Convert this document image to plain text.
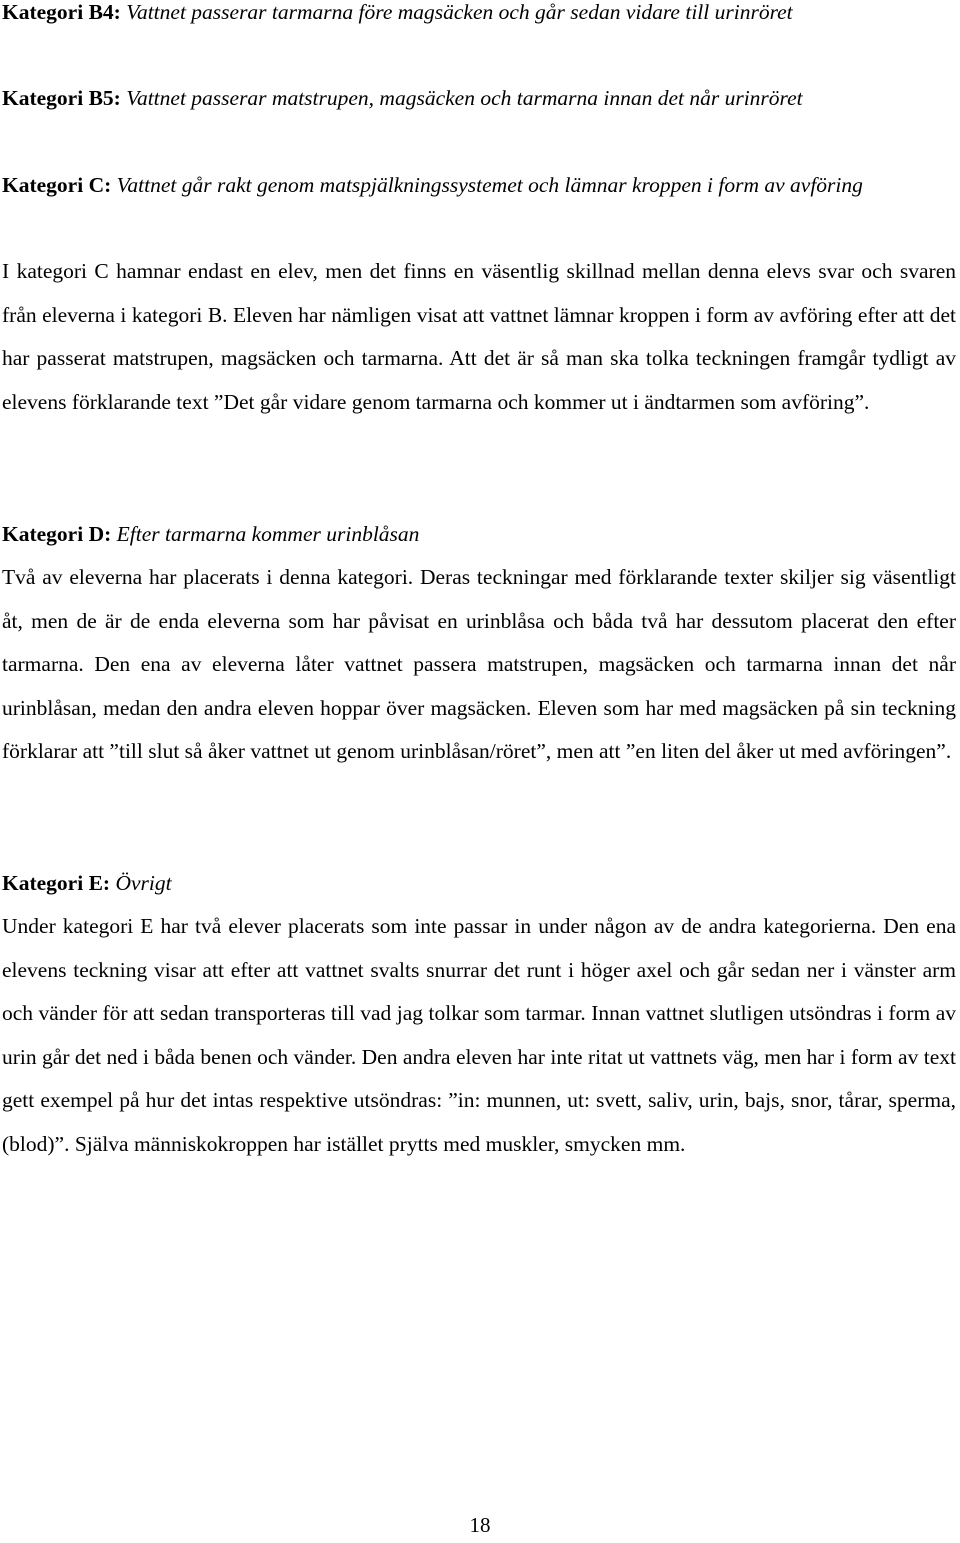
Kategori B4: Vattnet passerar tarmarna före magsäcken och går sedan vidare till urinröret

Kategori B5: Vattnet passerar matstrupen, magsäcken och tarmarna innan det når urinröret

Kategori C: Vattnet går rakt genom matspjälkningssystemet och lämnar kroppen i form av avföring

I kategori C hamnar endast en elev, men det finns en väsentlig skillnad mellan denna elevs svar och svaren från eleverna i kategori B. Eleven har nämligen visat att vattnet lämnar kroppen i form av avföring efter att det har passerat matstrupen, magsäcken och tarmarna. Att det är så man ska tolka teckningen framgår tydligt av elevens förklarande text ”Det går vidare genom tarmarna och kommer ut i ändtarmen som avföring”.

Kategori D: Efter tarmarna kommer urinblåsan

Två av eleverna har placerats i denna kategori. Deras teckningar med förklarande texter skiljer sig väsentligt åt, men de är de enda eleverna som har påvisat en urinblåsa och båda två har dessutom placerat den efter tarmarna. Den ena av eleverna låter vattnet passera matstrupen, magsäcken och tarmarna innan det når urinblåsan, medan den andra eleven hoppar över magsäcken. Eleven som har med magsäcken på sin teckning förklarar att ”till slut så åker vattnet ut genom urinblåsan/röret”, men att ”en liten del åker ut med avföringen”.

Kategori E: Övrigt

Under kategori E har två elever placerats som inte passar in under någon av de andra kategorierna. Den ena elevens teckning visar att efter att vattnet svalts snurrar det runt i höger axel och går sedan ner i vänster arm och vänder för att sedan transporteras till vad jag tolkar som tarmar. Innan vattnet slutligen utsöndras i form av urin går det ned i båda benen och vänder. Den andra eleven har inte ritat ut vattnets väg, men har i form av text gett exempel på hur det intas respektive utsöndras: ”in: munnen, ut: svett, saliv, urin, bajs, snor, tårar, sperma, (blod)”. Själva människokroppen har istället prytts med muskler, smycken mm.

18
